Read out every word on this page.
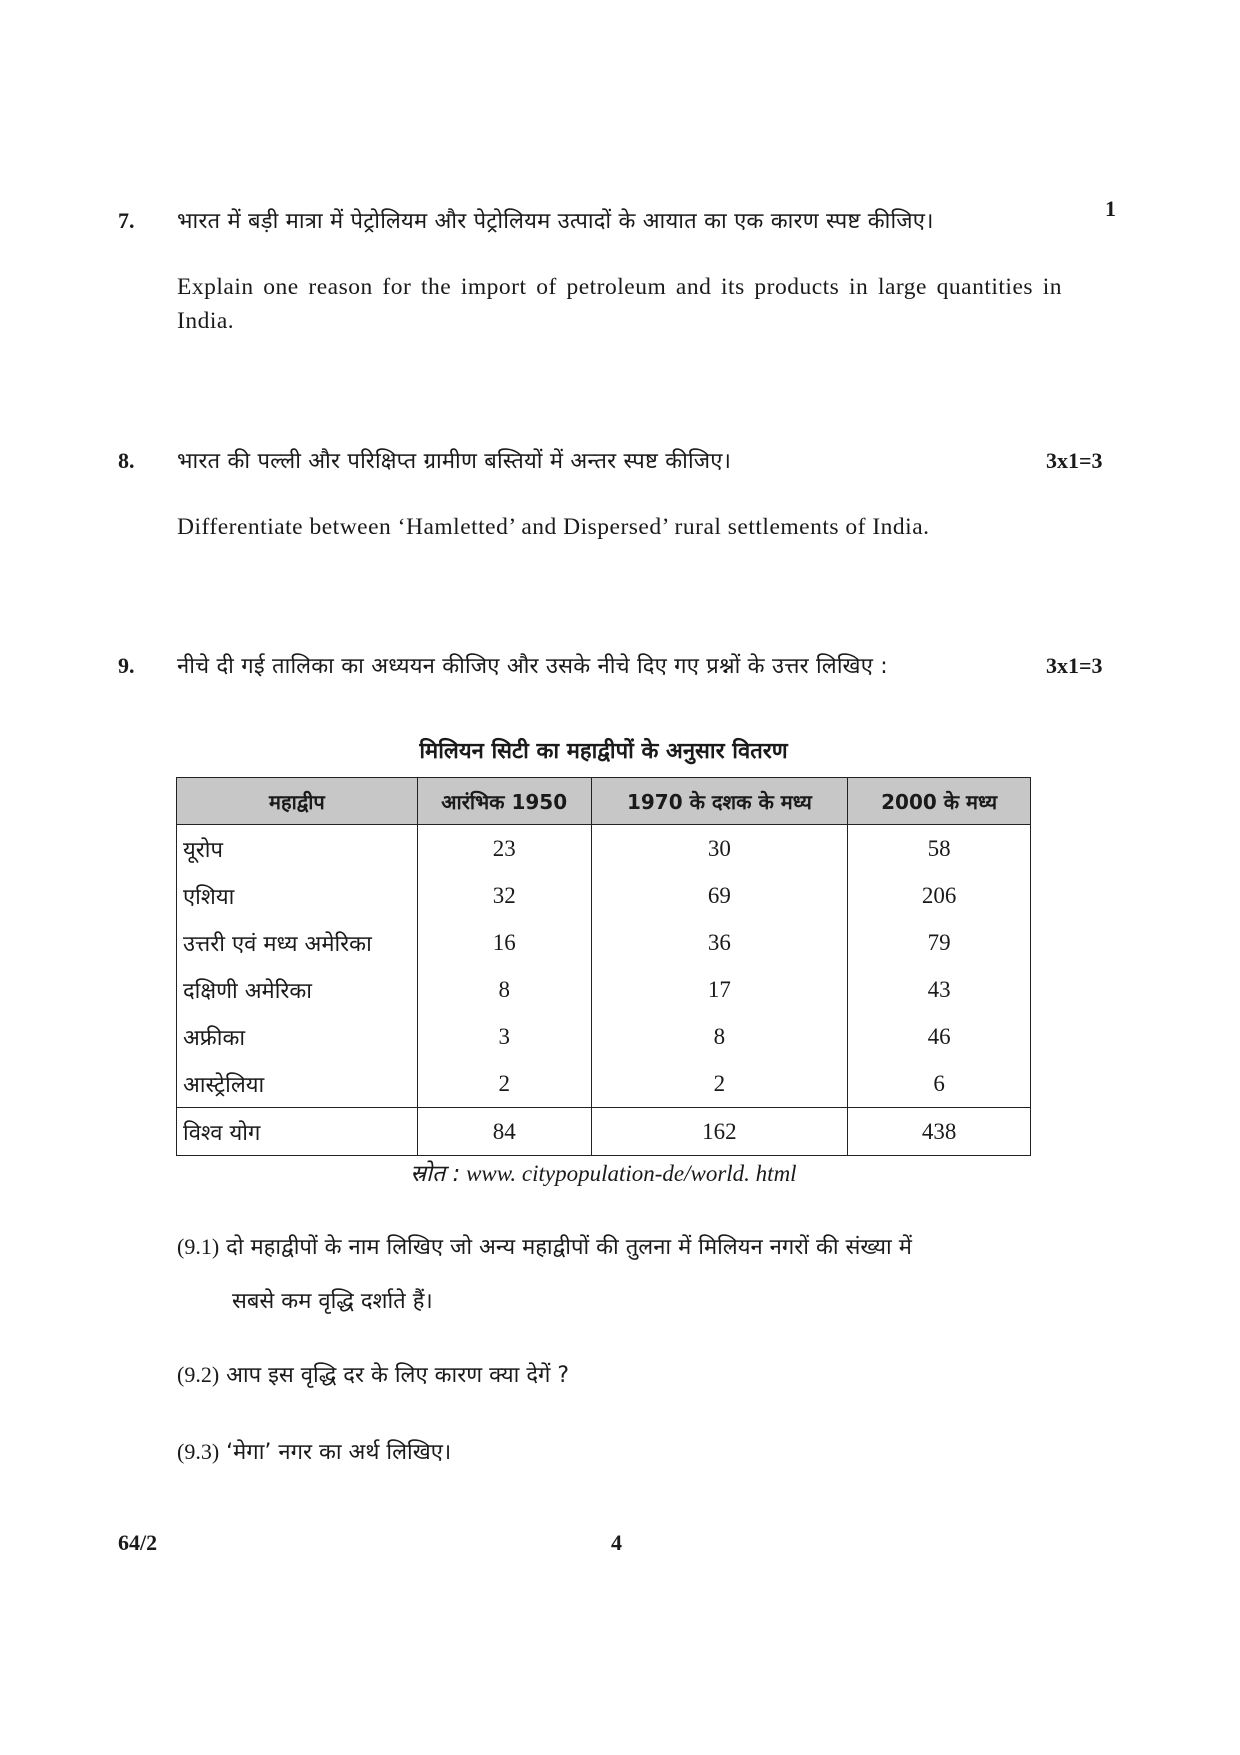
7. भारत में बड़ी मात्रा में पेट्रोलियम और पेट्रोलियम उत्पादों के आयात का एक कारण स्पष्ट कीजिए।
1
Explain one reason for the import of petroleum and its products in large quantities in India.
8. भारत की पल्ली और परिक्षिप्त ग्रामीण बस्तियों में अन्तर स्पष्ट कीजिए।	3x1=3
Differentiate between ‘Hamletted’ and Dispersed’ rural settlements of India.
9. नीचे दी गई तालिका का अध्ययन कीजिए और उसके नीचे दिए गए प्रश्नों के उत्तर लिखिए :	3x1=3
मिलियन सिटी का महाद्वीपों के अनुसार वितरण
महाद्वीप	आरंभिक 1950	1970 के दशक के मध्य	2000 के मध्य
यूरोप	23	30	58
एशिया	32	69	206
उत्तरी एवं मध्य अमेरिका	16	36	79
दक्षिणी अमेरिका	8	17	43
अफ्रीका	3	8	46
आस्ट्रेलिया	2	2	6
विश्व योग	84	162	438
स्रोत : www. citypopulation-de/world. html
(9.1) दो महाद्वीपों के नाम लिखिए जो अन्य महाद्वीपों की तुलना में मिलियन नगरों की संख्या में
सबसे कम वृद्धि दर्शाते हैं।
(9.2) आप इस वृद्धि दर के लिए कारण क्या देगें ?
(9.3) ‘मेगा’ नगर का अर्थ लिखिए।
64/2	4
